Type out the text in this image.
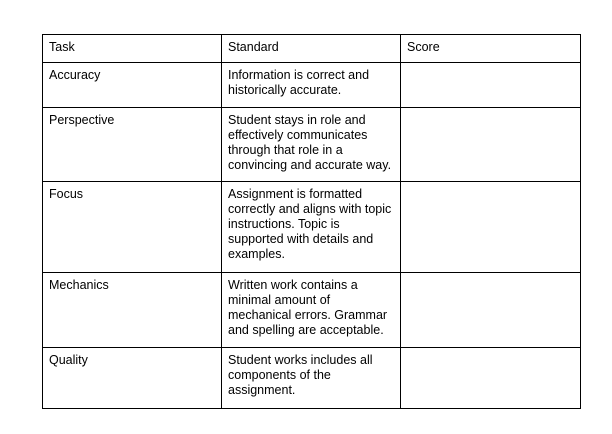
Task	Standard	Score
Accuracy	Information is correct and historically accurate.	
Perspective	Student stays in role and effectively communicates through that role in a convincing and accurate way.	
Focus	Assignment is formatted correctly and aligns with topic instructions. Topic is supported with details and examples.	
Mechanics	Written work contains a minimal amount of mechanical errors. Grammar and spelling are acceptable.	
Quality	Student works includes all components of the assignment.	
